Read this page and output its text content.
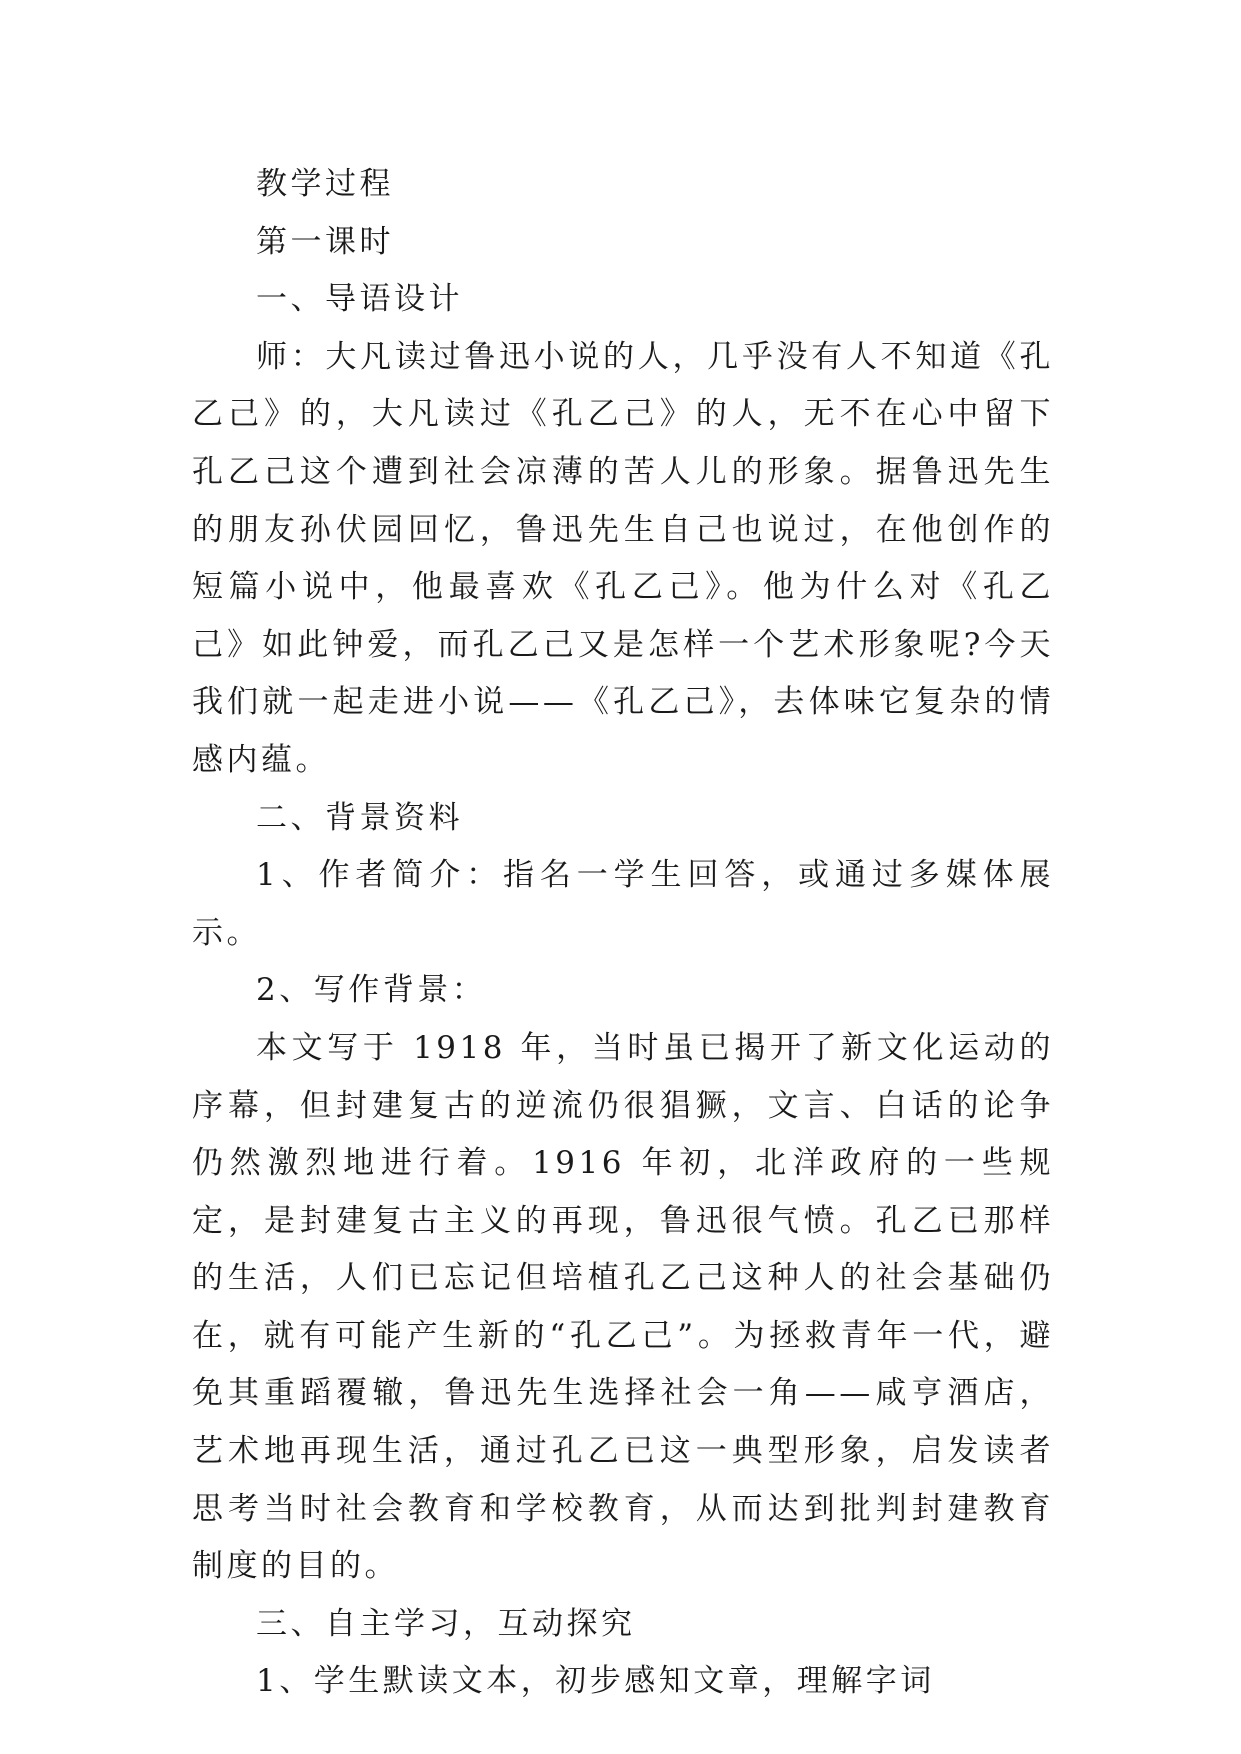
教学过程

第一课时

一、导语设计

师：大凡读过鲁迅小说的人，几乎没有人不知道《孔乙己》的，大凡读过《孔乙己》的人，无不在心中留下孔乙己这个遭到社会凉薄的苦人儿的形象。据鲁迅先生的朋友孙伏园回忆，鲁迅先生自己也说过，在他创作的短篇小说中，他最喜欢《孔乙己》。他为什么对《孔乙己》如此钟爱，而孔乙己又是怎样一个艺术形象呢?今天我们就一起走进小说——《孔乙己》，去体味它复杂的情感内蕴。

二、背景资料

1、作者简介：指名一学生回答，或通过多媒体展示。

2、写作背景：

本文写于 1918 年，当时虽已揭开了新文化运动的序幕，但封建复古的逆流仍很猖獗，文言、白话的论争仍然激烈地进行着。1916 年初，北洋政府的一些规定，是封建复古主义的再现，鲁迅很气愤。孔乙已那样的生活，人们已忘记但培植孔乙己这种人的社会基础仍在，就有可能产生新的“孔乙己”。为拯救青年一代，避免其重蹈覆辙，鲁迅先生选择社会一角——咸亨酒店，艺术地再现生活，通过孔乙已这一典型形象，启发读者思考当时社会教育和学校教育，从而达到批判封建教育制度的目的。

三、自主学习，互动探究

1、学生默读文本，初步感知文章，理解字词
